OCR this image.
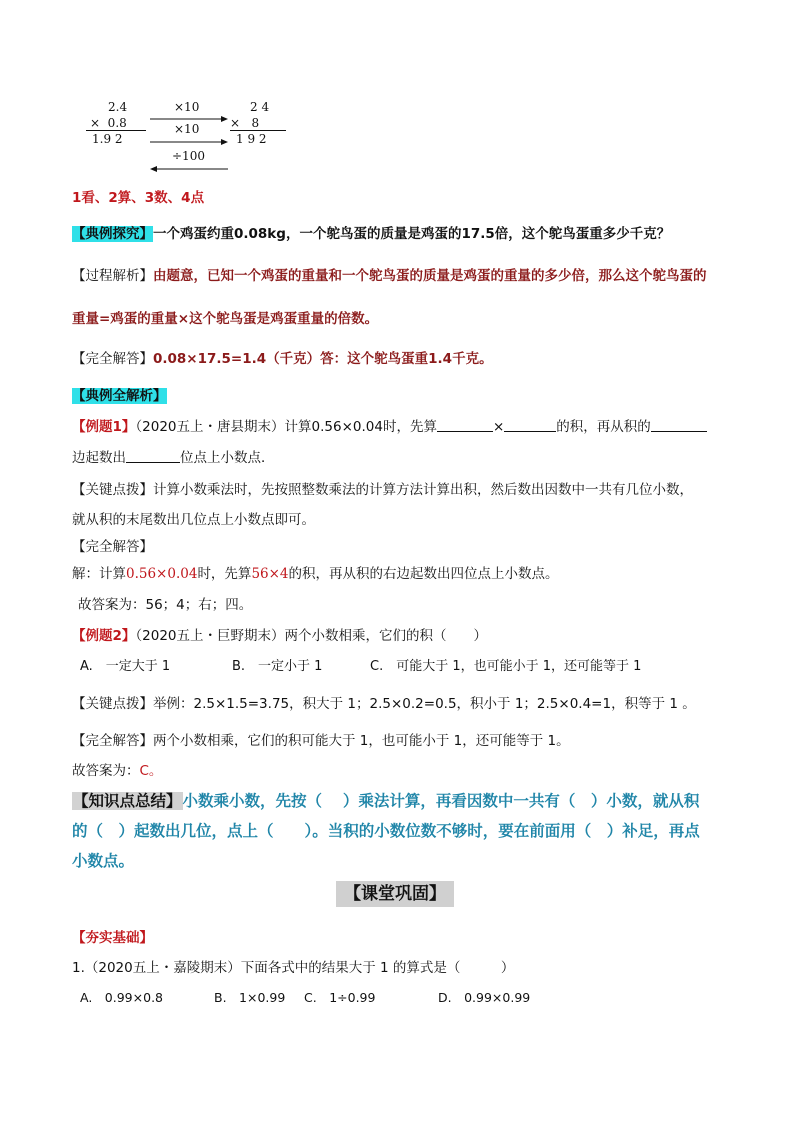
2.4
×  0.8
1.9 2
×10
×10
÷100
2 4
×   8
1 9 2
1看、2算、3数、4点
【典例探究】一个鸡蛋约重0.08kg，一个鸵鸟蛋的质量是鸡蛋的17.5倍，这个鸵鸟蛋重多少千克？
【过程解析】由题意，已知一个鸡蛋的重量和一个鸵鸟蛋的质量是鸡蛋的重量的多少倍，那么这个鸵鸟蛋的
重量=鸡蛋的重量×这个鸵鸟蛋是鸡蛋重量的倍数。
【完全解答】0.08×17.5=1.4（千克）答：这个鸵鸟蛋重1.4千克。
【典例全解析】
【例题1】（2020五上・唐县期末）计算0.56×0.04时，先算	×	的积，再从积的
边起数出	位点上小数点．
【关键点拨】计算小数乘法时，先按照整数乘法的计算方法计算出积，然后数出因数中一共有几位小数，
就从积的末尾数出几位点上小数点即可。
【完全解答】
解：计算0.56×0.04时，先算56×4的积，再从积的右边起数出四位点上小数点。
故答案为：56；4；右；四。
【例题2】（2020五上・巨野期末）两个小数相乘，它们的积（　　）
A.　一定大于 1	B.　一定小于 1	C.　可能大于 1，也可能小于 1，还可能等于 1
【关键点拨】举例：2.5×1.5=3.75，积大于 1；2.5×0.2=0.5，积小于 1；2.5×0.4=1，积等于 1 。
【完全解答】两个小数相乘，它们的积可能大于 1，也可能小于 1，还可能等于 1。
故答案为：C。
【知识点总结】小数乘小数，先按（　 ）乘法计算，再看因数中一共有（　）小数，就从积
的（　）起数出几位，点上（　　）。当积的小数位数不够时，要在前面用（　）补足，再点
小数点。
【课堂巩固】
【夯实基础】
1.（2020五上・嘉陵期末）下面各式中的结果大于 1 的算式是（　　　）
A.　0.99×0.8	B.　1×0.99 C.　1÷0.99	D.　0.99×0.99
